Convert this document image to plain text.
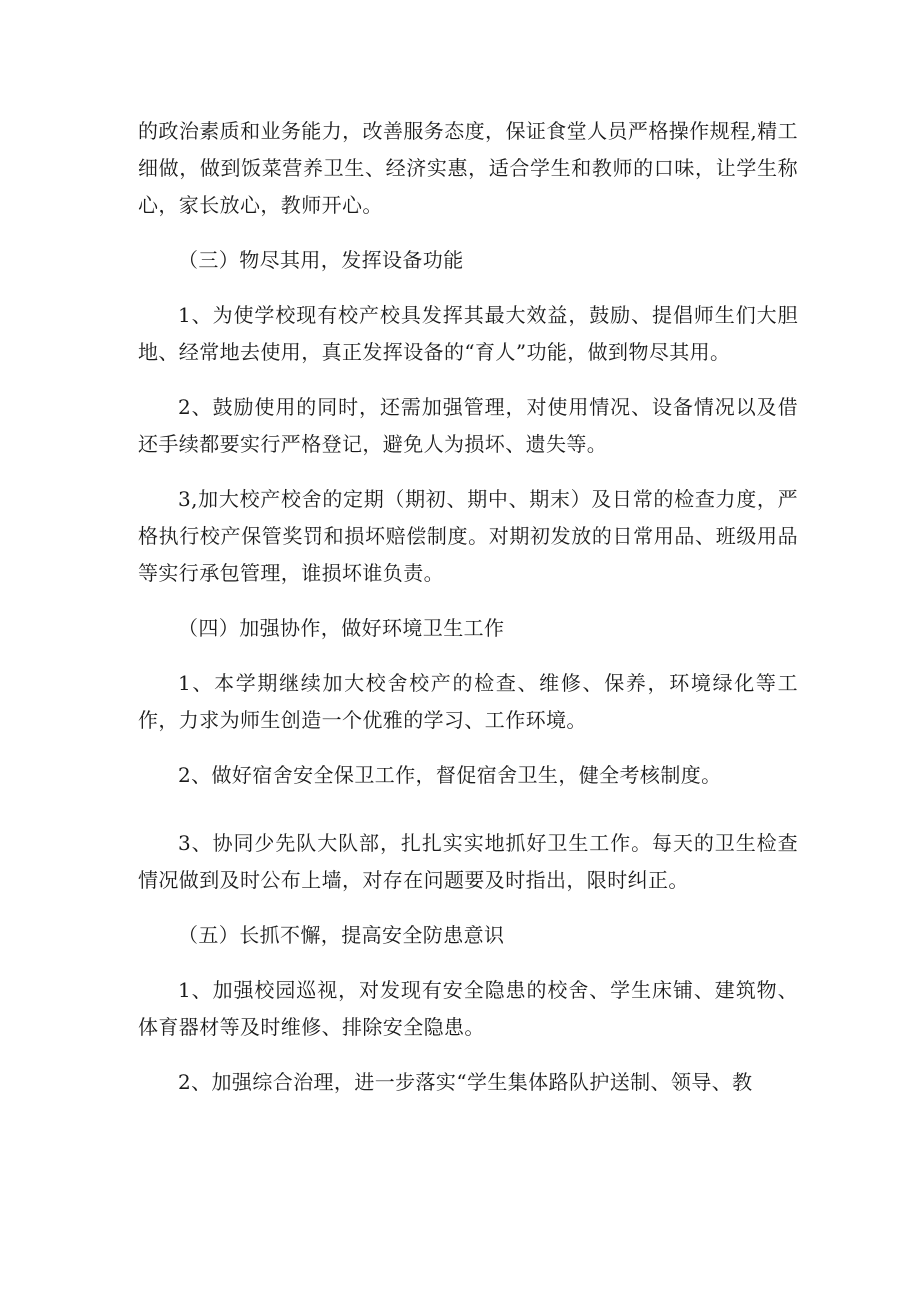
的政治素质和业务能力，改善服务态度，保证食堂人员严格操作规程,精工细做，做到饭菜营养卫生、经济实惠，适合学生和教师的口味，让学生称心，家长放心，教师开心。

（三）物尽其用，发挥设备功能

1、为使学校现有校产校具发挥其最大效益，鼓励、提倡师生们大胆地、经常地去使用，真正发挥设备的“育人”功能，做到物尽其用。

2、鼓励使用的同时，还需加强管理，对使用情况、设备情况以及借还手续都要实行严格登记，避免人为损坏、遗失等。

3,加大校产校舍的定期（期初、期中、期末）及日常的检查力度，严格执行校产保管奖罚和损坏赔偿制度。对期初发放的日常用品、班级用品等实行承包管理，谁损坏谁负责。

（四）加强协作，做好环境卫生工作

1、本学期继续加大校舍校产的检查、维修、保养，环境绿化等工作，力求为师生创造一个优雅的学习、工作环境。

2、做好宿舍安全保卫工作，督促宿舍卫生，健全考核制度。

3、协同少先队大队部，扎扎实实地抓好卫生工作。每天的卫生检查情况做到及时公布上墙，对存在问题要及时指出，限时纠正。

（五）长抓不懈，提高安全防患意识

1、加强校园巡视，对发现有安全隐患的校舍、学生床铺、建筑物、体育器材等及时维修、排除安全隐患。

2、加强综合治理，进一步落实“学生集体路队护送制、领导、教
